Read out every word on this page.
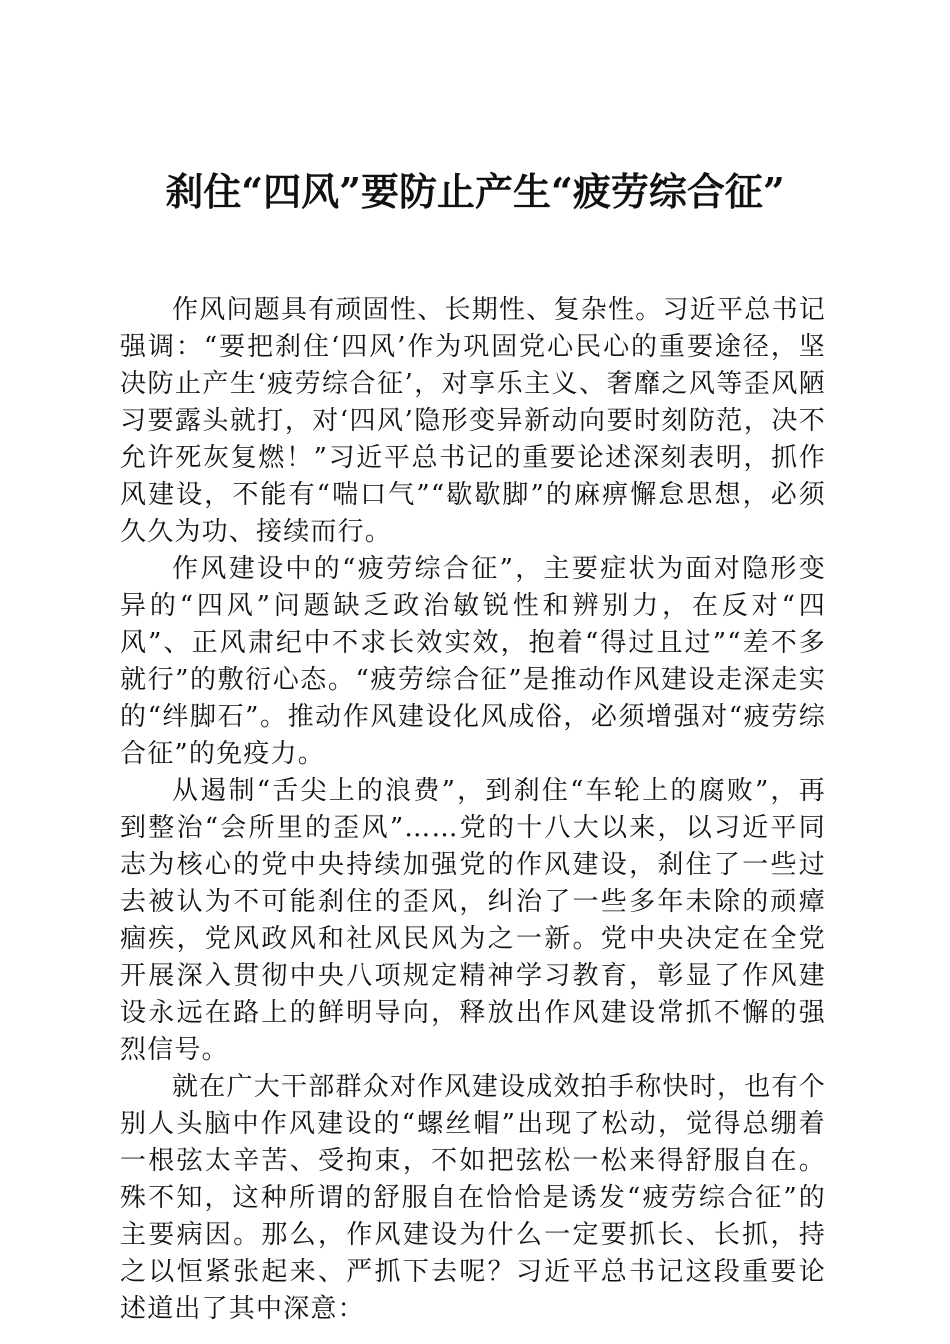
刹住“四风”要防止产生“疲劳综合征”

作风问题具有顽固性、长期性、复杂性。习近平总书记强调：“要把刹住‘四风’作为巩固党心民心的重要途径，坚决防止产生‘疲劳综合征’，对享乐主义、奢靡之风等歪风陋习要露头就打，对‘四风’隐形变异新动向要时刻防范，决不允许死灰复燃！”习近平总书记的重要论述深刻表明，抓作风建设，不能有“喘口气”“歇歇脚”的麻痹懈怠思想，必须久久为功、接续而行。

作风建设中的“疲劳综合征”，主要症状为面对隐形变异的“四风”问题缺乏政治敏锐性和辨别力，在反对“四风”、正风肃纪中不求长效实效，抱着“得过且过”“差不多就行”的敷衍心态。“疲劳综合征”是推动作风建设走深走实的“绊脚石”。推动作风建设化风成俗，必须增强对“疲劳综合征”的免疫力。

从遏制“舌尖上的浪费”，到刹住“车轮上的腐败”，再到整治“会所里的歪风”……党的十八大以来，以习近平同志为核心的党中央持续加强党的作风建设，刹住了一些过去被认为不可能刹住的歪风，纠治了一些多年未除的顽瘴痼疾，党风政风和社风民风为之一新。党中央决定在全党开展深入贯彻中央八项规定精神学习教育，彰显了作风建设永远在路上的鲜明导向，释放出作风建设常抓不懈的强烈信号。

就在广大干部群众对作风建设成效拍手称快时，也有个别人头脑中作风建设的“螺丝帽”出现了松动，觉得总绷着一根弦太辛苦、受拘束，不如把弦松一松来得舒服自在。殊不知，这种所谓的舒服自在恰恰是诱发“疲劳综合征”的主要病因。那么，作风建设为什么一定要抓长、长抓，持之以恒紧张起来、严抓下去呢？习近平总书记这段重要论述道出了其中深意：
